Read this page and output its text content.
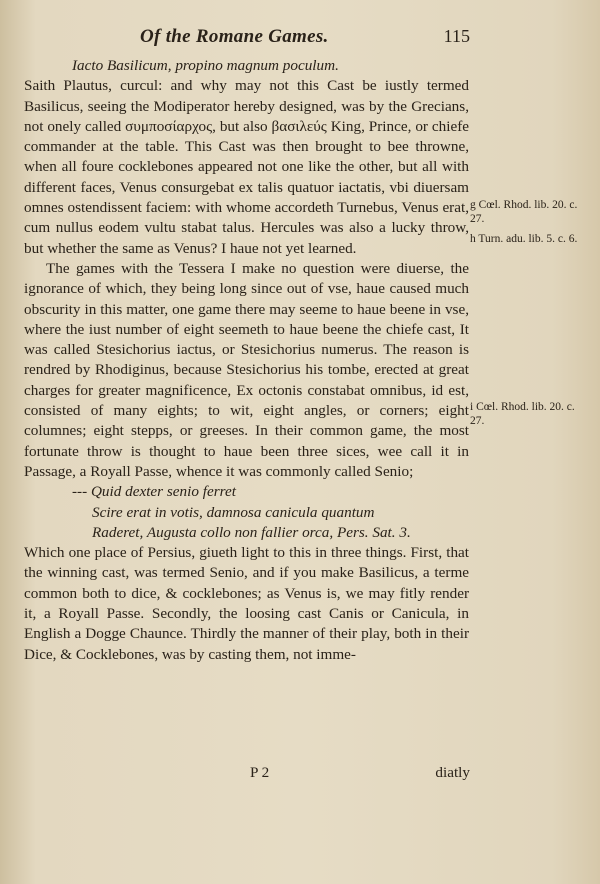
Of the Romane Games.	115

Iacto Basilicum, propino magnum poculum.

Saith Plautus, curcul: and why may not this Cast be iustly termed Basilicus, seeing the Modiperator hereby designed, was by the Grecians, not onely called συμποσίαρχος, but also βασιλεύς King, Prince, or chiefe commander at the table. This Cast was then brought to bee throwne, when all foure cocklebones appeared not one like the other, but all with different faces, Venus consurgebat ex talis quatuor iactatis, vbi diuersam omnes ostendissent faciem: with whome accordeth Turnebus, Venus erat, cum nullus eodem vultu stabat talus. Hercules was also a lucky throw, but whether the same as Venus? I haue not yet learned.

The games with the Tessera I make no question were diuerse, the ignorance of which, they being long since out of vse, haue caused much obscurity in this matter, one game there may seeme to haue beene in vse, where the iust number of eight seemeth to haue beene the chiefe cast, It was called Stesichorius iactus, or Stesichorius numerus. The reason is rendred by Rhodiginus, because Stesichorius his tombe, erected at great charges for greater magnificence, Ex octonis constabat omnibus, id est, consisted of many eights; to wit, eight angles, or corners; eight columnes; eight stepps, or greeses. In their common game, the most fortunate throw is thought to haue been three sices, wee call it in Passage, a Royall Passe, whence it was commonly called Senio;

--- Quid dexter senio ferret

Scire erat in votis, damnosa canicula quantum

Raderet, Augusta collo non fallier orca, Pers. Sat. 3.

Which one place of Persius, giueth light to this in three things. First, that the winning cast, was termed Senio, and if you make Basilicus, a terme common both to dice, & cocklebones; as Venus is, we may fitly render it, a Royall Passe. Secondly, the loosing cast Canis or Canicula, in English a Dogge Chaunce. Thirdly the manner of their play, both in their Dice, & Cocklebones, was by casting them, not imme-

P 2	diatly
g Cœl. Rhod. lib. 20. c. 27.
h Turn. adu. lib. 5. c. 6.
i Cœl. Rhod. lib. 20. c. 27.
